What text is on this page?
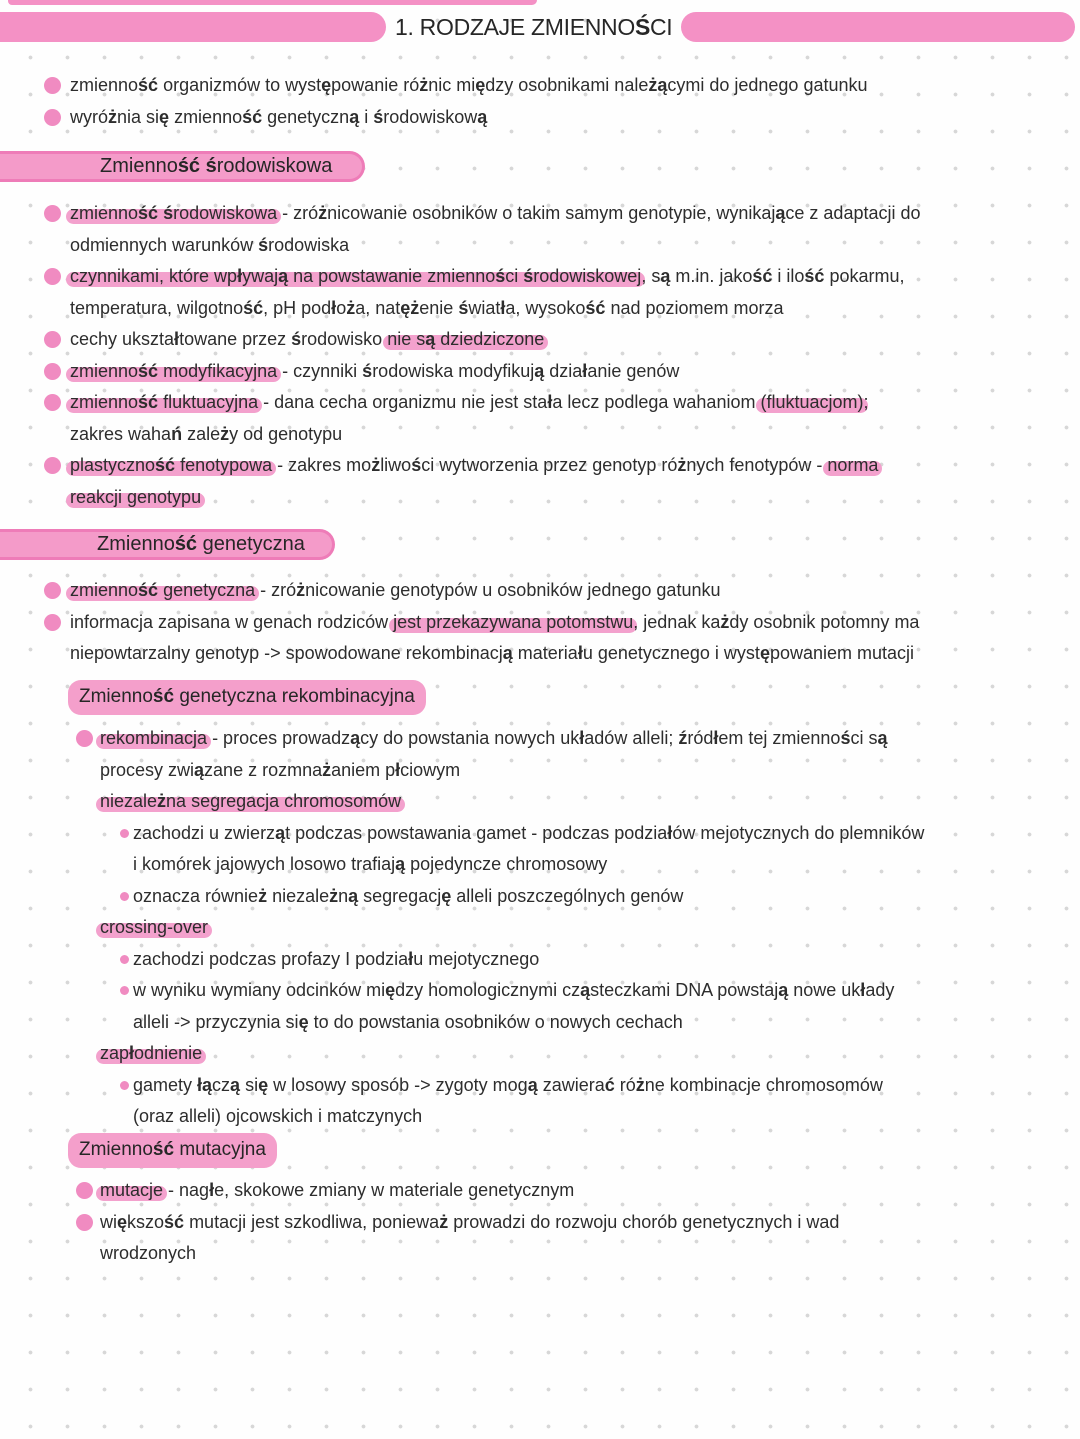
1. RODZAJE ZMIENNOŚCI
zmienność organizmów to występowanie różnic między osobnikami należącymi do jednego gatunku
wyróżnia się zmienność genetyczną i środowiskową
Zmienność środowiskowa
zmienność środowiskowa - zróżnicowanie osobników o takim samym genotypie, wynikające z adaptacji do
odmiennych warunków środowiska
czynnikami, które wpływają na powstawanie zmienności środowiskowej, są m.in. jakość i ilość pokarmu,
temperatura, wilgotność, pH podłoża, natężenie światła, wysokość nad poziomem morza
cechy ukształtowane przez środowisko nie są dziedziczone
zmienność modyfikacyjna - czynniki środowiska modyfikują działanie genów
zmienność fluktuacyjna - dana cecha organizmu nie jest stała lecz podlega wahaniom (fluktuacjom);
zakres wahań zależy od genotypu
plastyczność fenotypowa - zakres możliwości wytworzenia przez genotyp różnych fenotypów - norma
reakcji genotypu
Zmienność genetyczna
zmienność genetyczna - zróżnicowanie genotypów u osobników jednego gatunku
informacja zapisana w genach rodziców jest przekazywana potomstwu, jednak każdy osobnik potomny ma
niepowtarzalny genotyp -> spowodowane rekombinacją materiału genetycznego i występowaniem mutacji
Zmienność genetyczna rekombinacyjna
rekombinacja - proces prowadzący do powstania nowych układów alleli; źródłem tej zmienności są
procesy związane z rozmnażaniem płciowym
niezależna segregacja chromosomów
zachodzi u zwierząt podczas powstawania gamet - podczas podziałów mejotycznych do plemników
i komórek jajowych losowo trafiają pojedyncze chromosowy
oznacza również niezależną segregację alleli poszczególnych genów
crossing-over
zachodzi podczas profazy I podziału mejotycznego
w wyniku wymiany odcinków między homologicznymi cząsteczkami DNA powstają nowe układy
alleli -> przyczynia się to do powstania osobników o nowych cechach
zapłodnienie
gamety łączą się w losowy sposób -> zygoty mogą zawierać różne kombinacje chromosomów
(oraz alleli) ojcowskich i matczynych
Zmienność mutacyjna
mutacje - nagłe, skokowe zmiany w materiale genetycznym
większość mutacji jest szkodliwa, ponieważ prowadzi do rozwoju chorób genetycznych i wad
wrodzonych
